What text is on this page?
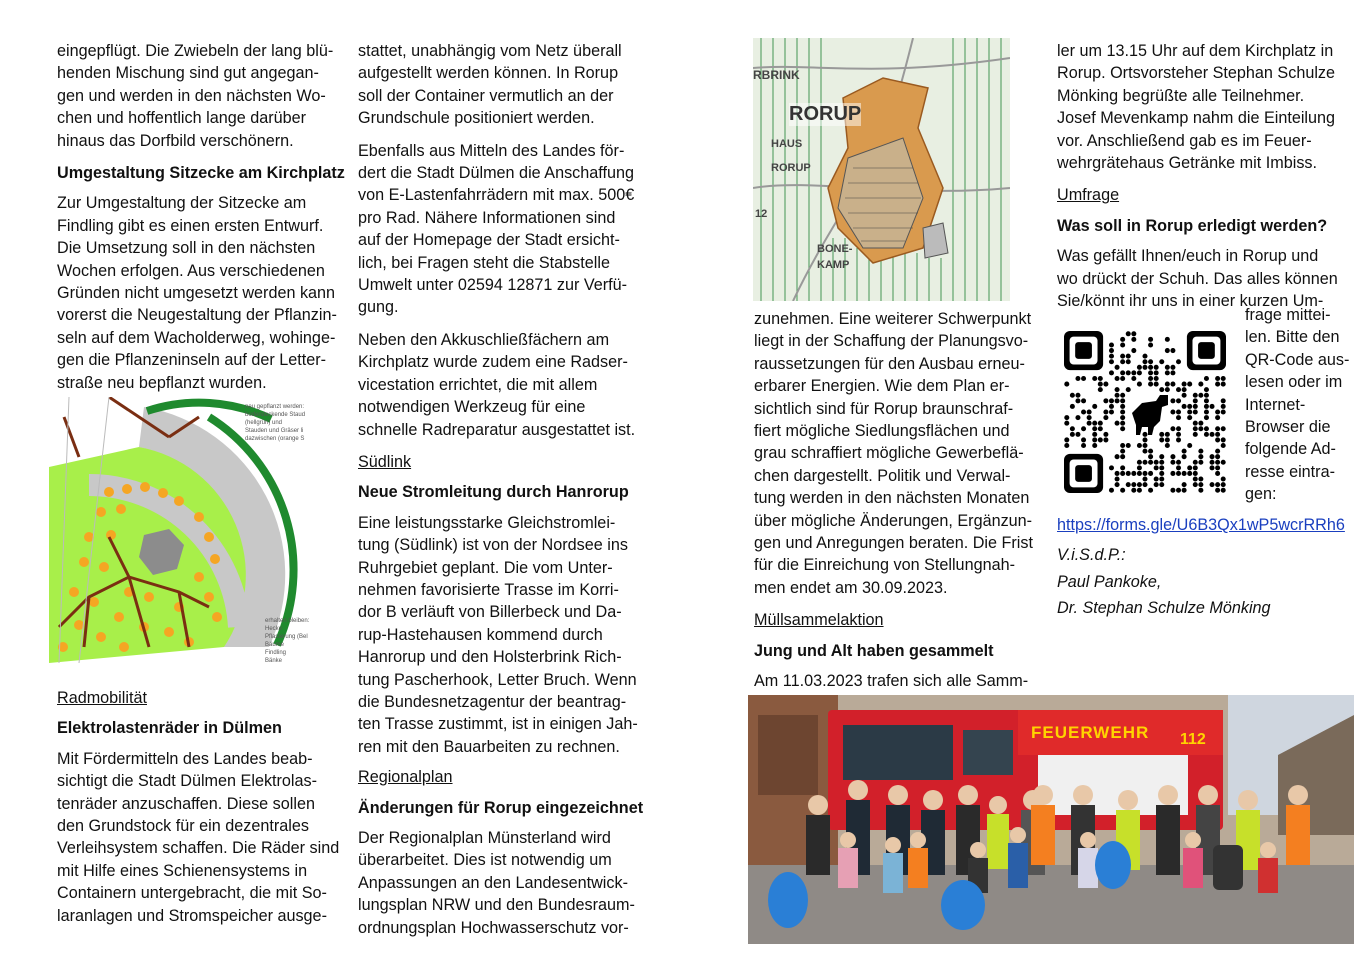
eingepflügt. Die Zwiebeln der lang blü-

henden Mischung sind gut angegan-

gen und werden in den nächsten Wo-

chen und hoffentlich lange darüber

hinaus das Dorfbild verschönern.

Umgestaltung Sitzecke am Kirchplatz

Zur Umgestaltung der Sitzecke am

Findling gibt es einen ersten Entwurf.

Die Umsetzung soll in den nächsten

Wochen erfolgen. Aus verschiedenen

Gründen nicht umgesetzt werden kann

vorerst die Neugestaltung der Pflanzin-

seln auf dem Wacholderweg, wohinge-

gen die Pflanzeninseln auf der Letter-

straße neu bepflanzt wurden.

neu gepflanzt werden:
bodendeckende Staud
(hellgrün) und
Stauden und Gräser li
dazwischen (orange S
erhalten bleiben:
Hecke
Pflasterung (Bel
Bäume
Findling
Bänke

Radmobilität

Elektrolastenräder in Dülmen

Mit Fördermitteln des Landes beab-

sichtigt die Stadt Dülmen Elektrolas-

tenräder anzuschaffen. Diese sollen

den Grundstock für ein dezentrales

Verleihsystem schaffen. Die Räder sind

mit Hilfe eines Schienensystems in

Containern untergebracht, die mit So-

laranlagen und Stromspeicher ausge-

stattet, unabhängig vom Netz überall

aufgestellt werden können. In Rorup

soll der Container vermutlich an der

Grundschule positioniert werden.

Ebenfalls aus Mitteln des Landes för-

dert die Stadt Dülmen die Anschaffung

von E-Lastenfahrrädern mit max. 500€

pro Rad. Nähere Informationen sind

auf der Homepage der Stadt ersicht-

lich, bei Fragen steht die Stabstelle

Umwelt unter 02594 12871 zur Verfü-

gung.

Neben den Akkuschließfächern am

Kirchplatz wurde zudem eine Radser-

vicestation errichtet, die mit allem

notwendigen Werkzeug für eine

schnelle Radreparatur ausgestattet ist.

Südlink

Neue Stromleitung durch Hanrorup

Eine leistungsstarke Gleichstromlei-

tung (Südlink) ist von der Nordsee ins

Ruhrgebiet geplant. Die vom Unter-

nehmen favorisierte Trasse im Korri-

dor B verläuft von Billerbeck und Da-

rup-Hastehausen kommend durch

Hanrorup und den Holsterbrink Rich-

tung Pascherhook, Letter Bruch. Wenn

die Bundesnetzagentur der beantrag-

ten Trasse zustimmt, ist in einigen Jah-

ren mit den Bauarbeiten zu rechnen.

Regionalplan

Änderungen für Rorup eingezeichnet

Der Regionalplan Münsterland wird

überarbeitet. Dies ist notwendig um

Anpassungen an den Landesentwick-

lungsplan NRW und den Bundesraum-

ordnungsplan Hochwasserschutz vor-

RBRINK
RORUP
HAUS
RORUP
BONE-
KAMP
12

zunehmen. Eine weiterer Schwerpunkt

liegt in der Schaffung der Planungsvo-

raussetzungen für den Ausbau erneu-

erbarer Energien. Wie dem Plan er-

sichtlich sind für Rorup braunschraf-

fiert mögliche Siedlungsflächen und

grau schraffiert mögliche Gewerbeflä-

chen dargestellt. Politik und Verwal-

tung werden in den nächsten Monaten

über mögliche Änderungen, Ergänzun-

gen und Anregungen beraten. Die Frist

für die Einreichung von Stellungnah-

men endet am 30.09.2023.

Müllsammelaktion

Jung und Alt haben gesammelt

Am 11.03.2023 trafen sich alle Samm-

FEUERWEHR 112

ler um 13.15 Uhr auf dem Kirchplatz in

Rorup. Ortsvorsteher Stephan Schulze

Mönking begrüßte alle Teilnehmer.

Josef Mevenkamp nahm die Einteilung

vor. Anschließend gab es im Feuer-

wehrgrätehaus Getränke mit Imbiss.

Umfrage

Was soll in Rorup erledigt werden?

Was gefällt Ihnen/euch in Rorup und

wo drückt der Schuh. Das alles können

Sie/könnt ihr uns in einer kurzen Um-

frage mittei-

len. Bitte den

QR-Code aus-

lesen oder im

Internet-

Browser die

folgende Ad-

resse eintra-

gen:

https://forms.gle/U6B3Qx1wP5wcrRRh6

V.i.S.d.P.:

Paul Pankoke,

Dr. Stephan Schulze Mönking
